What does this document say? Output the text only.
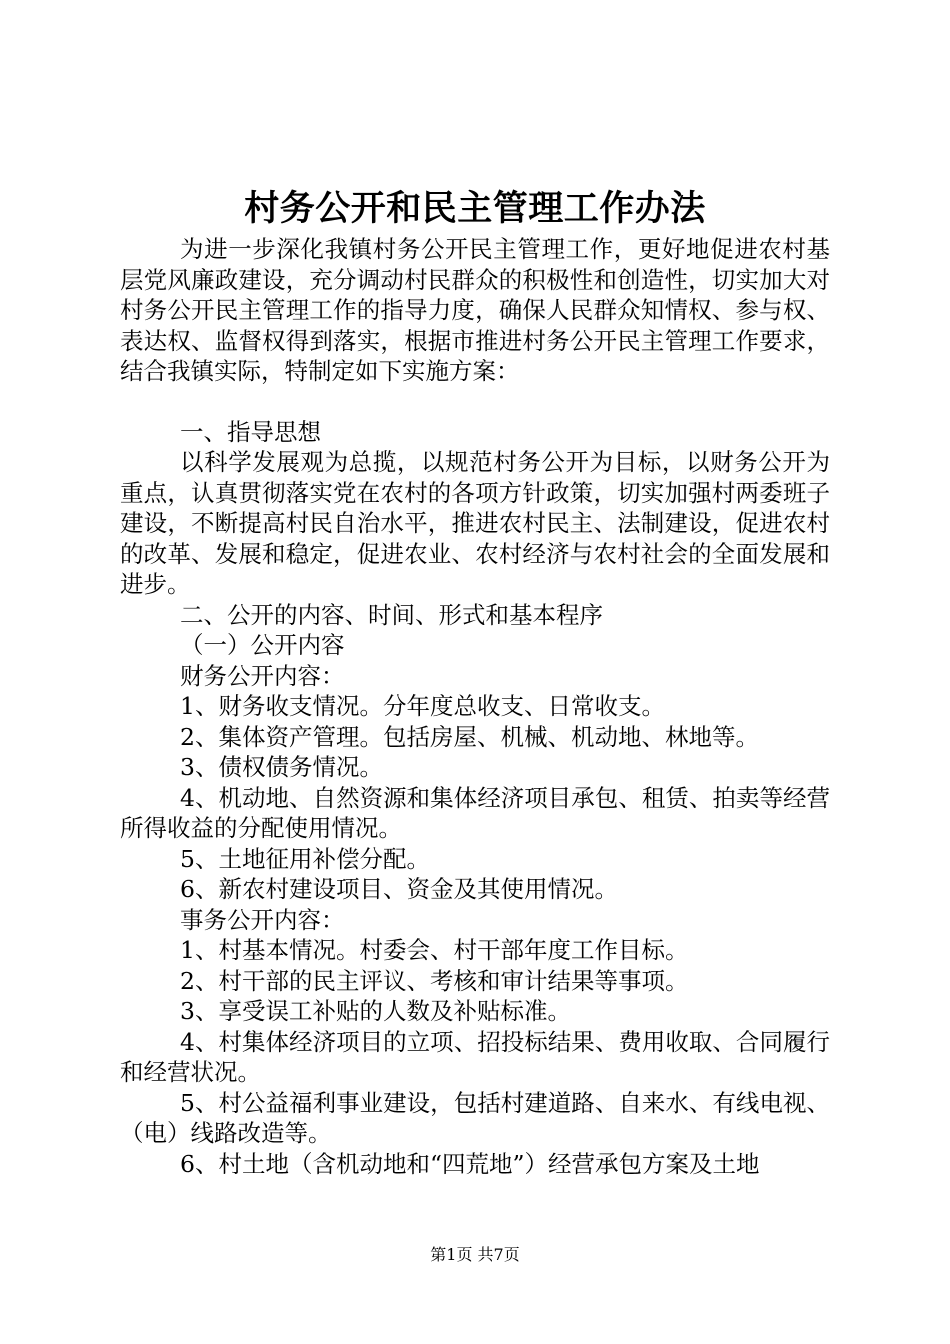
村务公开和民主管理工作办法

为进一步深化我镇村务公开民主管理工作，更好地促进农村基层党风廉政建设，充分调动村民群众的积极性和创造性，切实加大对村务公开民主管理工作的指导力度，确保人民群众知情权、参与权、表达权、监督权得到落实，根据市推进村务公开民主管理工作要求，结合我镇实际，特制定如下实施方案：

一、指导思想

以科学发展观为总揽，以规范村务公开为目标，以财务公开为重点，认真贯彻落实党在农村的各项方针政策，切实加强村两委班子建设，不断提高村民自治水平，推进农村民主、法制建设，促进农村的改革、发展和稳定，促进农业、农村经济与农村社会的全面发展和进步。

二、公开的内容、时间、形式和基本程序

（一）公开内容

财务公开内容：

1、财务收支情况。分年度总收支、日常收支。

2、集体资产管理。包括房屋、机械、机动地、林地等。

3、债权债务情况。

4、机动地、自然资源和集体经济项目承包、租赁、拍卖等经营所得收益的分配使用情况。

5、土地征用补偿分配。

6、新农村建设项目、资金及其使用情况。

事务公开内容：

1、村基本情况。村委会、村干部年度工作目标。

2、村干部的民主评议、考核和审计结果等事项。

3、享受误工补贴的人数及补贴标准。

4、村集体经济项目的立项、招投标结果、费用收取、合同履行和经营状况。

5、村公益福利事业建设，包括村建道路、自来水、有线电视、（电）线路改造等。

6、村土地（含机动地和“四荒地”）经营承包方案及土地

第1页 共7页
